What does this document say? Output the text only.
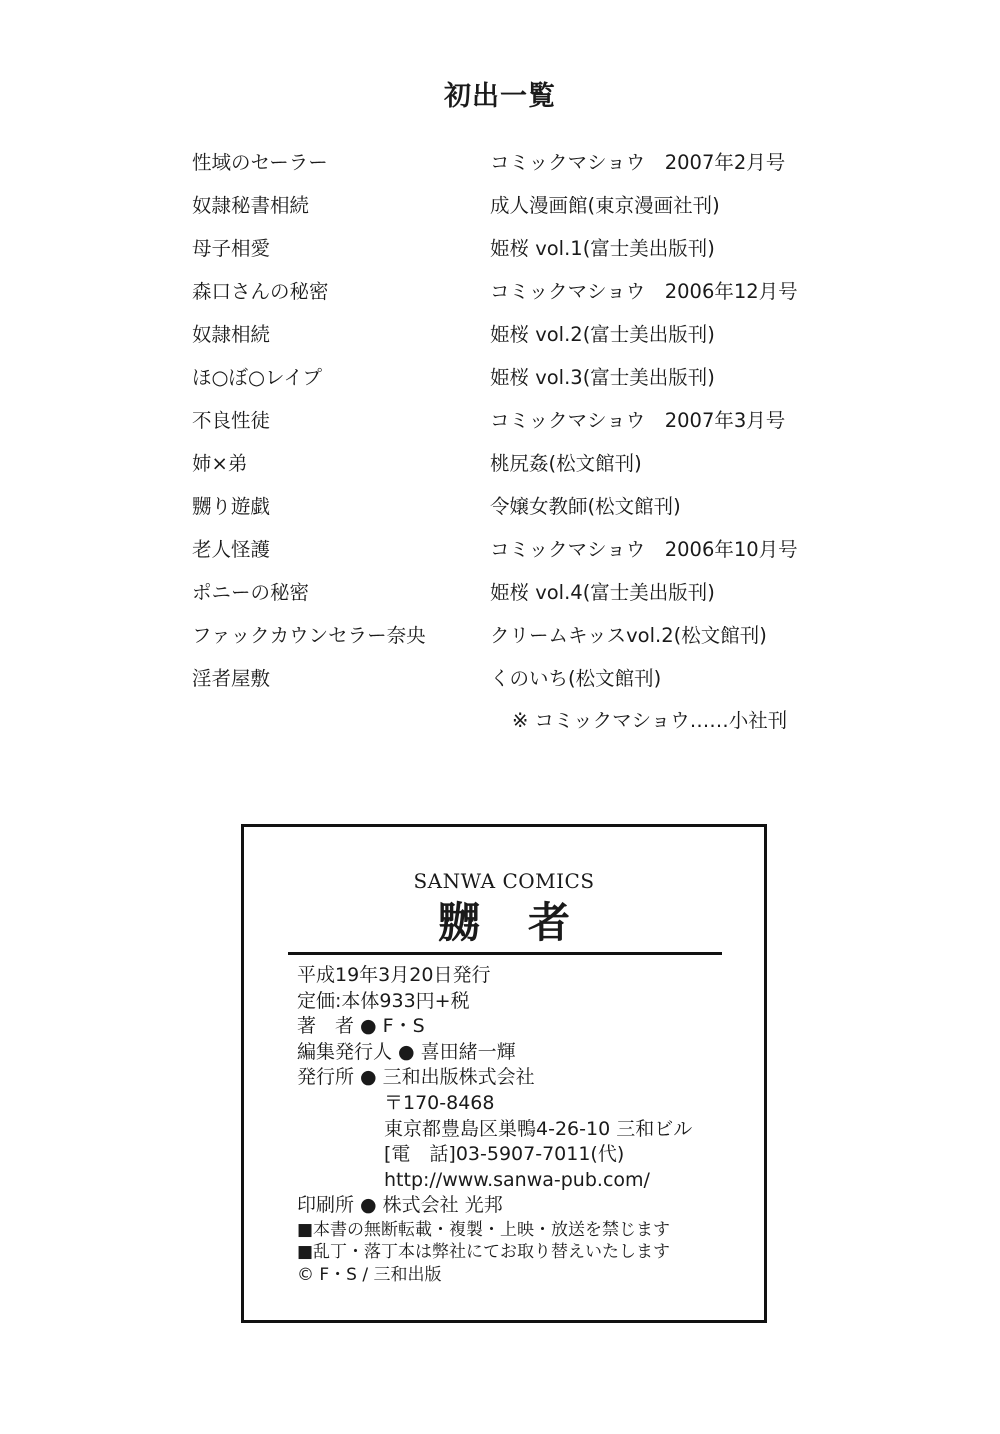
初出一覧
性域のセーラー	コミックマショウ　2007年2月号
奴隷秘書相続	成人漫画館(東京漫画社刊)
母子相愛	姫桜 vol.1(富士美出版刊)
森口さんの秘密	コミックマショウ　2006年12月号
奴隷相続	姫桜 vol.2(富士美出版刊)
ほ○ぼ○レイプ	姫桜 vol.3(富士美出版刊)
不良性徒	コミックマショウ　2007年3月号
姉×弟	桃尻姦(松文館刊)
嬲り遊戯	令嬢女教師(松文館刊)
老人怪護	コミックマショウ　2006年10月号
ポニーの秘密	姫桜 vol.4(富士美出版刊)
ファックカウンセラー奈央	クリームキッスvol.2(松文館刊)
淫者屋敷	くのいち(松文館刊)
※ コミックマショウ……小社刊
SANWA COMICS
嬲者
平成19年3月20日発行
定価:本体933円+税
著　者 ● F・S
編集発行人 ● 喜田緒一輝
発行所 ● 三和出版株式会社
〒170-8468
東京都豊島区巣鴨4-26-10 三和ビル
[電　話]03-5907-7011(代)
http://www.sanwa-pub.com/
印刷所 ● 株式会社 光邦
■本書の無断転載・複製・上映・放送を禁じます
■乱丁・落丁本は弊社にてお取り替えいたします
© F・S / 三和出版
